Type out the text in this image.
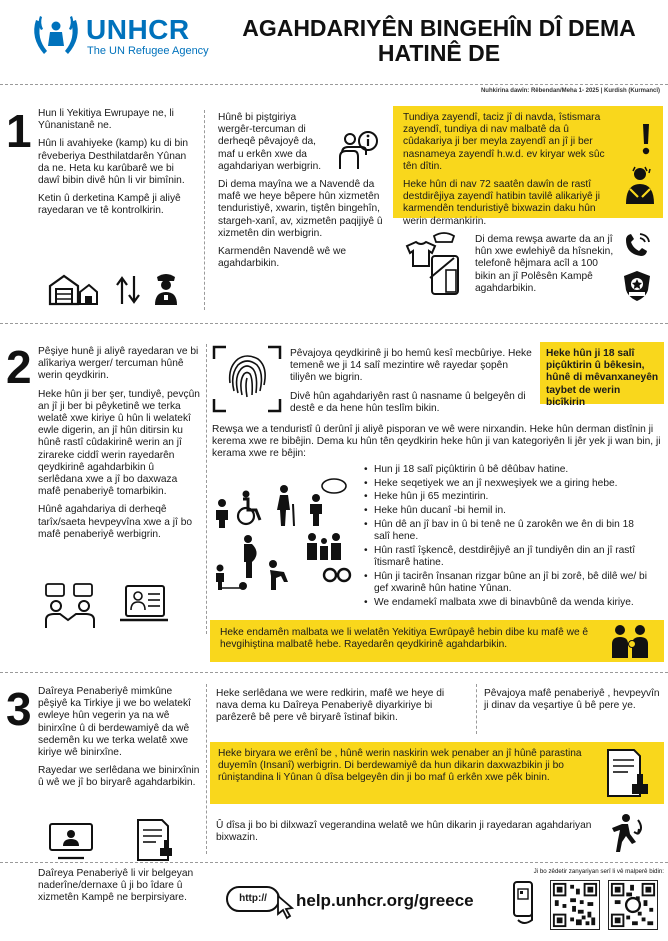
UNHCR
The UN Refugee Agency
AGAHDARIYÊN BINGEHÎN DÎ DEMA
HATINÊ DE
Nuhkirina dawîn: Rêbendan/Meha 1- 2025 | Kurdish (Kurmancî)
1 Hun li Yekitiya Ewrupaye ne, li Yûnanistanê ne.

Hûn li avahiyeke (kamp) ku di bin rêveberiya Desthilatdarên Yûnan da ne. Heta ku karûbarê we bi dawî bibin divê hûn li vir bimînin.

Ketin û derketina Kampê ji aliyê rayedaran ve tê kontrolkirin.

Hûnê bi piştgiriya wergêr-tercuman di derheqê pêvajoyê da, maf u erkên xwe da agahdariyan werbigrin.

Di dema mayîna we a Navendê da mafê we heye bêpere hûn xizmetên tenduristiyê, xwarin, tiştên bingehîn, stargeh-xanî, av, xizmetên paqijiyê û xizmetên din werbigrin.

Karmendên Navendê wê we agahdarbikin.

Tundiya zayendî, taciz jî di navda, îstismara zayendî, tundiya di nav malbatê da û cûdakariya ji ber meyla zayendî an jî ji ber nasnameya zayendî h.w.d. ev kiryar wek sûc tên dîtin.

Heke hûn di nav 72 saatên dawîn de rastî destdirêjiya zayendî hatibin tavilê alikariyê ji karmendên tenduristiyê bixwazin daku hûn werin dermankirin.

Di dema rewşa awarte da an jî hûn xwe ewlehiyê da hîsnekin, telefonê hêjmara acîl a 100 bikin an jî Polêsên Kampê agahdarbikin.
2 Pêşiye hunê ji aliyê rayedaran ve bi alîkariya werger/ tercuman hûnê werin qeydkirin.

Heke hûn ji ber şer, tundiyê, pevçûn an jî ji ber bi pêyketinê we terka welatê xwe kiriye û hûn li welatekî ewle digerin, an jî hûn ditirsin ku hûnê rastî cûdakirinê werin an jî zirareke ciddî werin rayedarên qeydkirinê agahdarbikin û serlêdana xwe a jî bo daxwaza mafê penaberiyê tomarbikin.

Hûnê agahdariya di derheqê tarîx/saeta hevpeyvîna xwe a jî bo mafê penaberiyê werbigrin.

Pêvajoya qeydkirinê ji bo hemû kesî mecbûriye. Heke temenê we ji 14 salî mezintire wê rayedar şopên tiliyên we bigrin.

Divê hûn agahdariyên rast û nasname û belgeyên di destê e da hene hûn teslîm bikin.

Heke hûn ji 18 salî piçûktirin û bêkesin, hûnê di mêvanxaneyên taybet de werin bicîkirin
Rewşa we a tenduristî û derûnî ji aliyê pisporan ve wê were nirxandin. Heke hûn derman distînin ji kerema xwe re bibêjin. Dema ku hûn tên qeydkirin heke hûn ji van kategoriyên li jêr yek ji wan bin, ji kerama xwe re bêjin:
• Hun ji 18 salî piçûktirin û bê dêûbav hatine.
• Heke seqetiyek we an jî nexweşiyek we a giring hebe.
• Heke hûn ji 65 mezintirin.
• Heke hûn ducanî -bi hemil in.
• Hûn dê an jî bav in û bi tenê ne û zarokên we ên di bin 18 salî hene.
• Hûn rastî îşkencê, destdirêjiyê an jî tundiyên din an jî rastî îtismarê hatine.
• Hûn ji tacirên însanan rizgar bûne an jî bi zorê, bê dilê we/ bi gef xwarinê hûn hatine Yûnan.
• We endamekî malbata xwe di binavbûnê da wenda kiriye.
Heke endamên malbata we li welatên Yekitiya Ewrûpayê hebin dibe ku mafê we ê hevgihiştina malbatê hebe. Rayedarên qeydkirinê agahdarbikin.
3 Daîreya Penaberiyê mimkûne pêşiyê ka Tirkiye ji we bo welatekî ewleye hûn vegerin ya na wê binirxîne û di berdewamiyê da wê sedemên ku we terka welatê xwe kiriye wê binirxîne.

Rayedar we serlêdana we binirxînin û wê we jî bo biryarê agahdarbikin.

Heke serlêdana we were redkirin, mafê we heye di nava dema ku Daîreya Penaberiyê diyarkiriye bi parêzerê bê pere vê biryarê îstinaf bikin.
Pêvajoya mafê penaberiyê , hevpeyvîn ji dinav da veşartiye û bê pere ye.
Heke biryara we erênî be , hûnê werin naskirin wek penaber an jî hûnê parastina duyemîn (Insanî) werbigrin. Di berdewamiyê da hun dikarin daxwazbikin ji bo rûniştandina li Yûnan û dîsa belgeyên din ji bo maf û erkên xwe pêk binin.
Û dîsa ji bo bi dilxwazî vegerandina welatê we hûn dikarin ji rayedaran agahdariyan bixwazin.
Daîreya Penaberiyê li vir belgeyan naderîne/dernaxe û ji bo îdare û xizmetên Kampê ne berpirsiyare.	http://	help.unhcr.org/greece
Ji bo zêdetir zanyariyan serî li vê malperê bidin:
